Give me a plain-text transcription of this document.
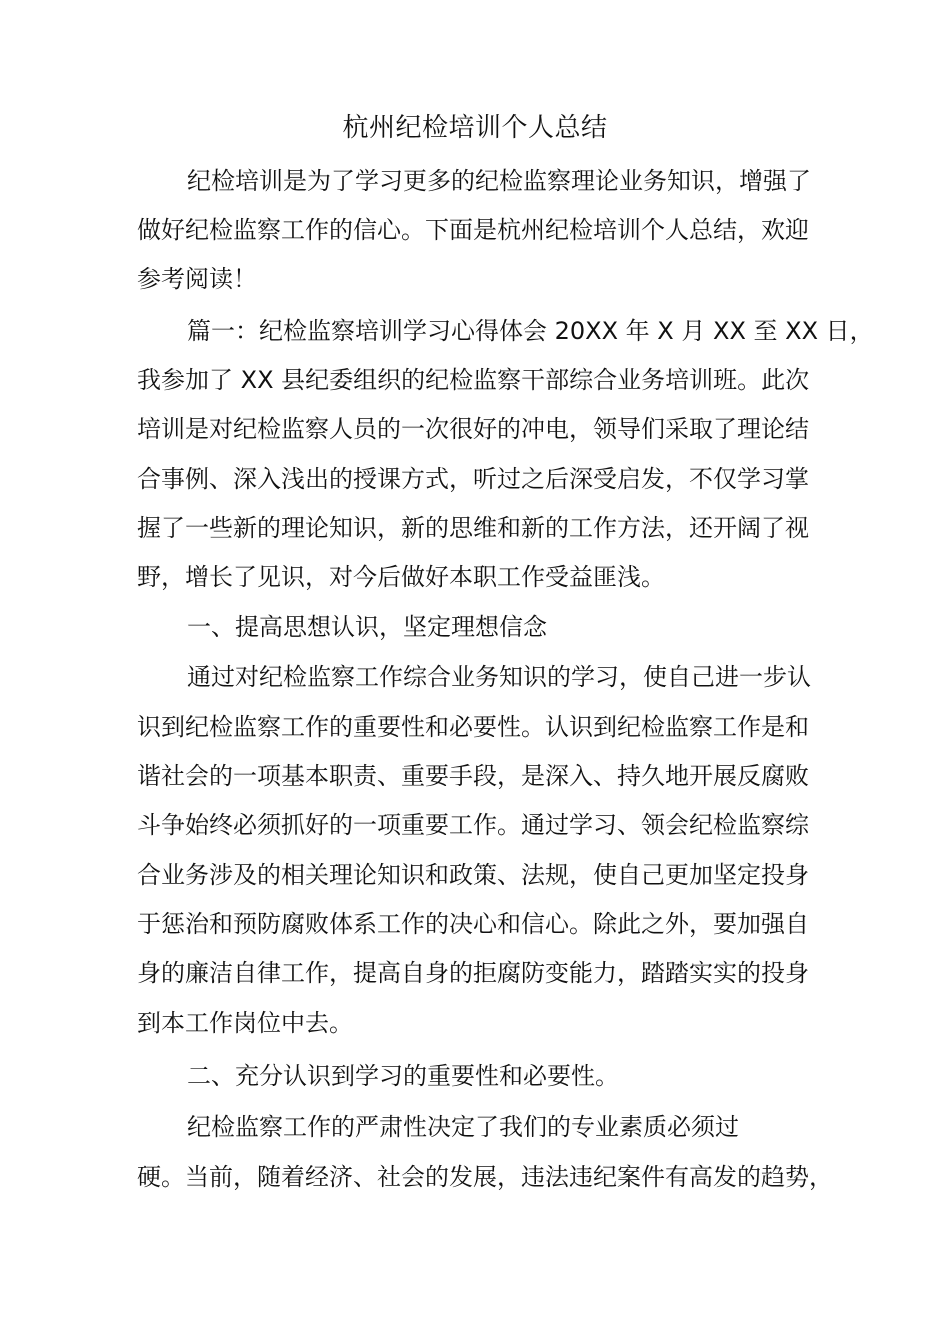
杭州纪检培训个人总结
纪检培训是为了学习更多的纪检监察理论业务知识，增强了
做好纪检监察工作的信心。下面是杭州纪检培训个人总结，欢迎
参考阅读！
篇一：纪检监察培训学习心得体会 20XX 年 X 月 XX 至 XX 日，
我参加了 XX 县纪委组织的纪检监察干部综合业务培训班。此次
培训是对纪检监察人员的一次很好的冲电，领导们采取了理论结
合事例、深入浅出的授课方式，听过之后深受启发，不仅学习掌
握了一些新的理论知识，新的思维和新的工作方法，还开阔了视
野，增长了见识，对今后做好本职工作受益匪浅。
一、提高思想认识，坚定理想信念
通过对纪检监察工作综合业务知识的学习，使自己进一步认
识到纪检监察工作的重要性和必要性。认识到纪检监察工作是和
谐社会的一项基本职责、重要手段，是深入、持久地开展反腐败
斗争始终必须抓好的一项重要工作。通过学习、领会纪检监察综
合业务涉及的相关理论知识和政策、法规，使自己更加坚定投身
于惩治和预防腐败体系工作的决心和信心。除此之外，要加强自
身的廉洁自律工作，提高自身的拒腐防变能力，踏踏实实的投身
到本工作岗位中去。
二、充分认识到学习的重要性和必要性。
纪检监察工作的严肃性决定了我们的专业素质必须过
硬。当前，随着经济、社会的发展，违法违纪案件有高发的趋势，
